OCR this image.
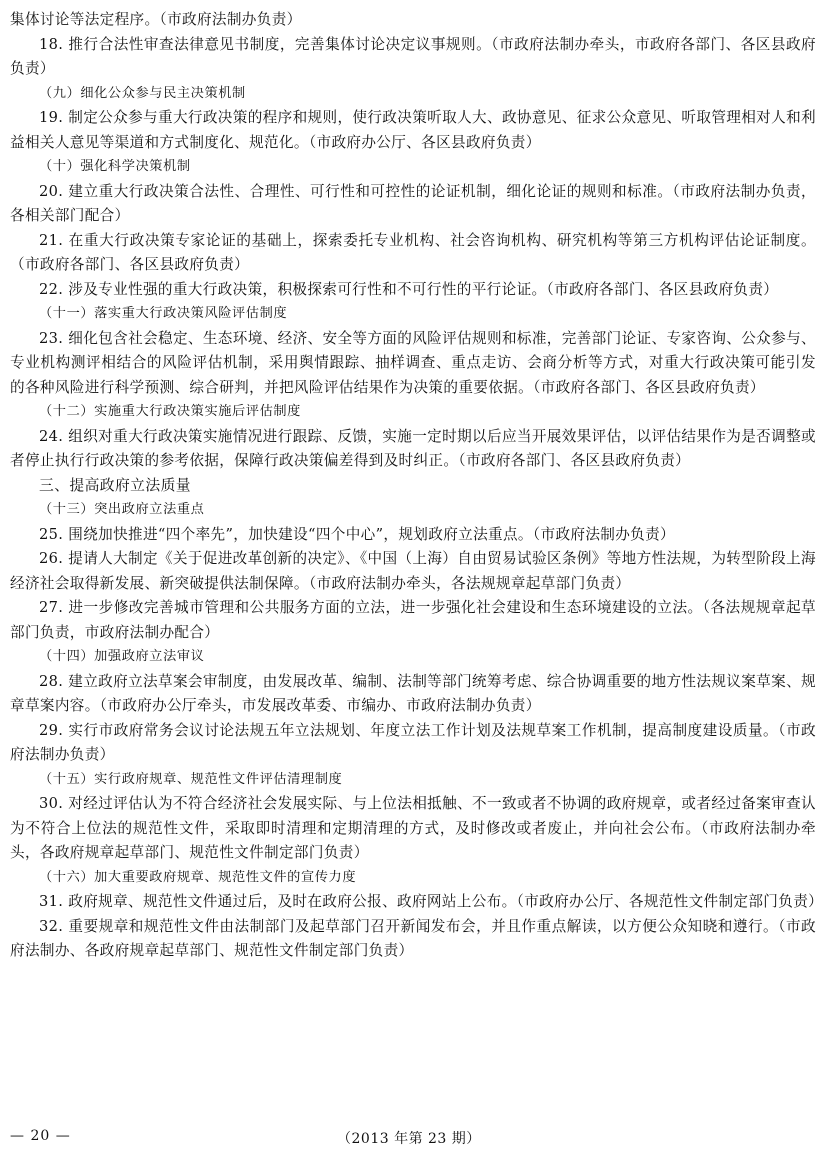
集体讨论等法定程序。（市政府法制办负责）

18. 推行合法性审查法律意见书制度，完善集体讨论决定议事规则。（市政府法制办牵头，市政府各部门、各区县政府负责）

（九）细化公众参与民主决策机制

19. 制定公众参与重大行政决策的程序和规则，使行政决策听取人大、政协意见、征求公众意见、听取管理相对人和利益相关人意见等渠道和方式制度化、规范化。（市政府办公厅、各区县政府负责）

（十）强化科学决策机制

20. 建立重大行政决策合法性、合理性、可行性和可控性的论证机制，细化论证的规则和标准。（市政府法制办负责，各相关部门配合）

21. 在重大行政决策专家论证的基础上，探索委托专业机构、社会咨询机构、研究机构等第三方机构评估论证制度。（市政府各部门、各区县政府负责）

22. 涉及专业性强的重大行政决策，积极探索可行性和不可行性的平行论证。（市政府各部门、各区县政府负责）

（十一）落实重大行政决策风险评估制度

23. 细化包含社会稳定、生态环境、经济、安全等方面的风险评估规则和标准，完善部门论证、专家咨询、公众参与、专业机构测评相结合的风险评估机制，采用舆情跟踪、抽样调查、重点走访、会商分析等方式，对重大行政决策可能引发的各种风险进行科学预测、综合研判，并把风险评估结果作为决策的重要依据。（市政府各部门、各区县政府负责）

（十二）实施重大行政决策实施后评估制度

24. 组织对重大行政决策实施情况进行跟踪、反馈，实施一定时期以后应当开展效果评估，以评估结果作为是否调整或者停止执行行政决策的参考依据，保障行政决策偏差得到及时纠正。（市政府各部门、各区县政府负责）

三、提高政府立法质量

（十三）突出政府立法重点

25. 围绕加快推进“四个率先”，加快建设“四个中心”，规划政府立法重点。（市政府法制办负责）

26. 提请人大制定《关于促进改革创新的决定》、《中国（上海）自由贸易试验区条例》等地方性法规，为转型阶段上海经济社会取得新发展、新突破提供法制保障。（市政府法制办牵头，各法规规章起草部门负责）

27. 进一步修改完善城市管理和公共服务方面的立法，进一步强化社会建设和生态环境建设的立法。（各法规规章起草部门负责，市政府法制办配合）

（十四）加强政府立法审议

28. 建立政府立法草案会审制度，由发展改革、编制、法制等部门统筹考虑、综合协调重要的地方性法规议案草案、规章草案内容。（市政府办公厅牵头，市发展改革委、市编办、市政府法制办负责）

29. 实行市政府常务会议讨论法规五年立法规划、年度立法工作计划及法规草案工作机制，提高制度建设质量。（市政府法制办负责）

（十五）实行政府规章、规范性文件评估清理制度

30. 对经过评估认为不符合经济社会发展实际、与上位法相抵触、不一致或者不协调的政府规章，或者经过备案审查认为不符合上位法的规范性文件，采取即时清理和定期清理的方式，及时修改或者废止，并向社会公布。（市政府法制办牵头，各政府规章起草部门、规范性文件制定部门负责）

（十六）加大重要政府规章、规范性文件的宣传力度

31. 政府规章、规范性文件通过后，及时在政府公报、政府网站上公布。（市政府办公厅、各规范性文件制定部门负责）

32. 重要规章和规范性文件由法制部门及起草部门召开新闻发布会，并且作重点解读，以方便公众知晓和遵行。（市政府法制办、各政府规章起草部门、规范性文件制定部门负责）

— 20 —	（2013 年第 23 期）
